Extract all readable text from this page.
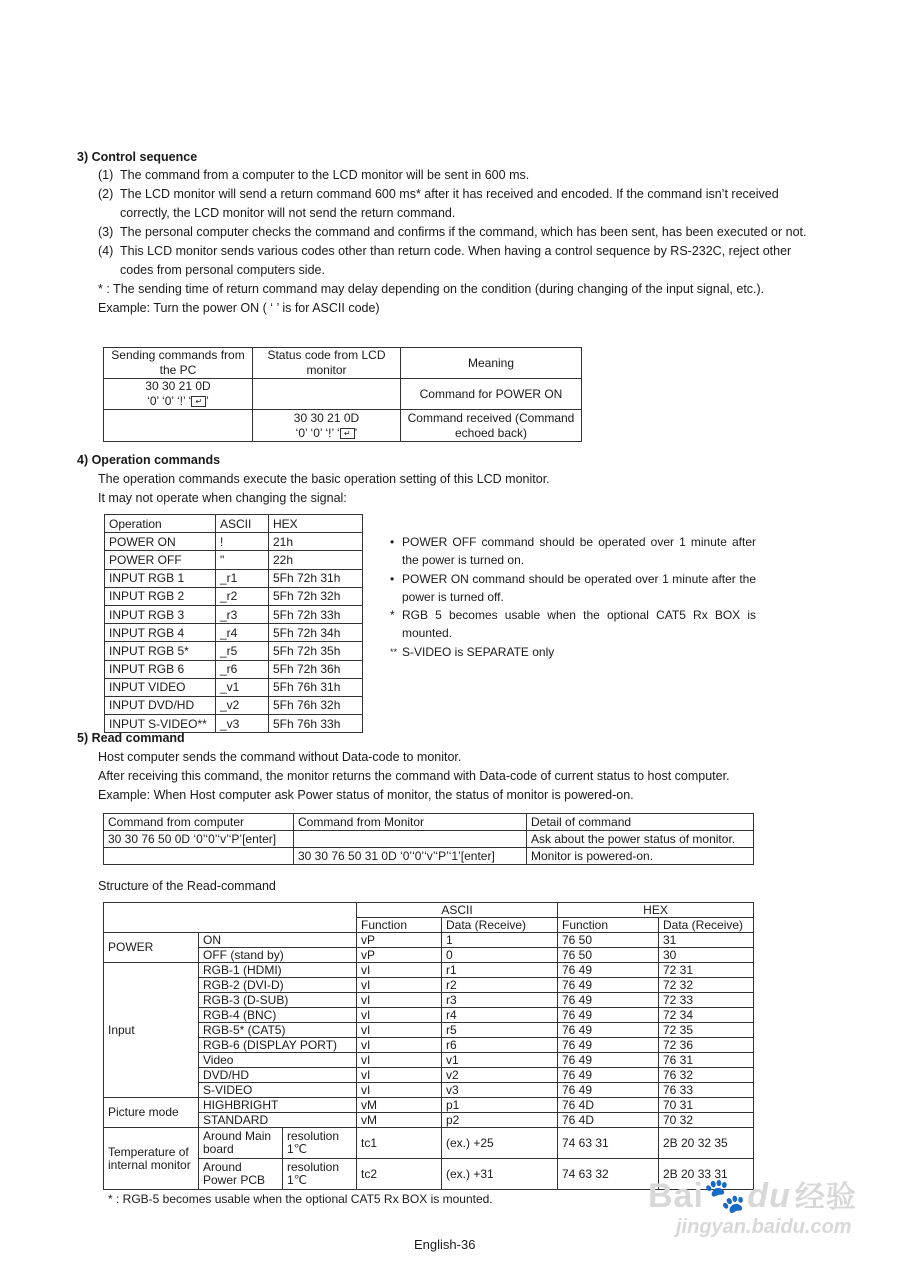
3) Control sequence
(1) The command from a computer to the LCD monitor will be sent in 600 ms.
(2) The LCD monitor will send a return command 600 ms* after it has received and encoded. If the command isn’t received correctly, the LCD monitor will not send the return command.
(3) The personal computer checks the command and confirms if the command, which has been sent, has been executed or not.
(4) This LCD monitor sends various codes other than return code. When having a control sequence by RS-232C, reject other codes from personal computers side.
* : The sending time of return command may delay depending on the condition (during changing of the input signal, etc.).
Example: Turn the power ON ( ‘ ’ is for ASCII code)
Sending commands from the PC	Status code from LCD monitor	Meaning

30 30 21 0D
‘0’ ‘0’ ‘!’ ‘ ↵ ’		Command for POWER ON

	30 30 21 0D
‘0’ ‘0’ ‘!’ ‘ ↵ ’	Command received (Command echoed back)
4) Operation commands
The operation commands execute the basic operation setting of this LCD monitor.
It may not operate when changing the signal:
Operation	ASCII	HEX
POWER ON	!	21h
POWER OFF	"	22h
INPUT RGB 1	_r1	5Fh 72h 31h
INPUT RGB 2	_r2	5Fh 72h 32h
INPUT RGB 3	_r3	5Fh 72h 33h
INPUT RGB 4	_r4	5Fh 72h 34h
INPUT RGB 5*	_r5	5Fh 72h 35h
INPUT RGB 6	_r6	5Fh 72h 36h
INPUT VIDEO	_v1	5Fh 76h 31h
INPUT DVD/HD	_v2	5Fh 76h 32h
INPUT S-VIDEO**	_v3	5Fh 76h 33h
• POWER OFF command should be operated over 1 minute after the power is turned on.
• POWER ON command should be operated over 1 minute after the power is turned off.
* RGB 5 becomes usable when the optional CAT5 Rx BOX is mounted.
** S-VIDEO is SEPARATE only
5) Read command
Host computer sends the command without Data-code to monitor.
After receiving this command, the monitor returns the command with Data-code of current status to host computer.
Example: When Host computer ask Power status of monitor, the status of monitor is powered-on.
Command from computer	Command from Monitor	Detail of command
30 30 76 50 0D ‘0’‘0’‘v’‘P’[enter]		Ask about the power status of monitor.
	30 30 76 50 31 0D ‘0’‘0’‘v’‘P’‘1’[enter]	Monitor is powered-on.
Structure of the Read-command
			ASCII		HEX	
			Function	Data (Receive)	Function	Data (Receive)
POWER	ON		vP	1	76 50	31
	OFF (stand by)		vP	0	76 50	30
Input	RGB-1 (HDMI)		vI	r1	76 49	72 31
	RGB-2 (DVI-D)		vI	r2	76 49	72 32
	RGB-3 (D-SUB)		vI	r3	76 49	72 33
	RGB-4 (BNC)		vI	r4	76 49	72 34
	RGB-5* (CAT5)		vI	r5	76 49	72 35
	RGB-6 (DISPLAY PORT)		vI	r6	76 49	72 36
	Video		vI	v1	76 49	76 31
	DVD/HD		vI	v2	76 49	76 32
	S-VIDEO		vI	v3	76 49	76 33
Picture mode	HIGHBRIGHT		vM	p1	76 4D	70 31
	STANDARD		vM	p2	76 4D	70 32
Temperature of internal monitor	Around Main board	resolution 1℃	tc1	(ex.) +25	74 63 31	2B 20 32 35
	Around Power PCB	resolution 1℃	tc2	(ex.) +31	74 63 32	2B 20 33 31
* : RGB-5 becomes usable when the optional CAT5 Rx BOX is mounted.
English-36
Bai🐾du 经验
jingyan.baidu.com
